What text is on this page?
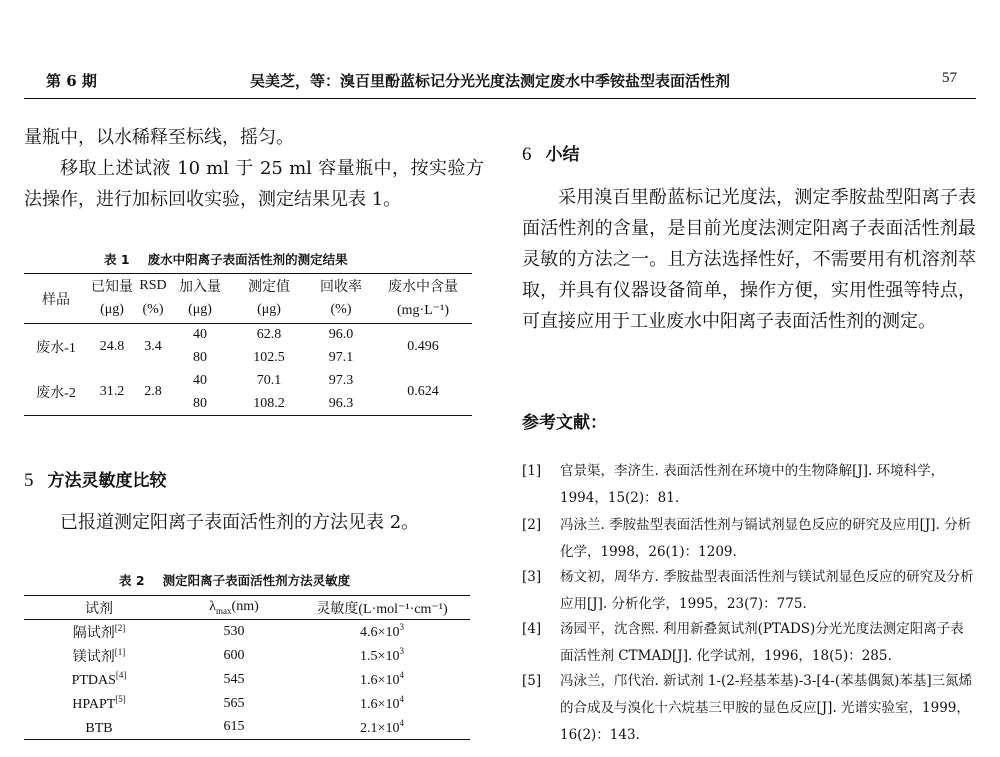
第 6 期	吴美芝，等：溴百里酚蓝标记分光光度法测定废水中季铵盐型表面活性剂	57

量瓶中，以水稀释至标线，摇匀。

移取上述试液 10 ml 于 25 ml 容量瓶中，按实验方法操作，进行加标回收实验，测定结果见表 1。

表 1 废水中阳离子表面活性剂的测定结果
样品	已知量	RSD	加入量	测定值	回收率	废水中含量
	(μg)	(%)	(μg)	(μg)	(%)	(mg·L⁻¹)
废水-1	24.8	3.4	40	62.8	96.0	0.496
			80	102.5	97.1	
废水-2	31.2	2.8	40	70.1	97.3	0.624
			80	108.2	96.3	

5 方法灵敏度比较

已报道测定阳离子表面活性剂的方法见表 2。

表 2 测定阳离子表面活性剂方法灵敏度
试剂	$\lambda_{max}(nm)$	灵敏度(L·mol⁻¹·cm⁻¹)
隔试剂[2]	530	$4.6\times 10^3$
镁试剂[1]	600	$1.5\times 10^3$
PTDAS[4]	545	$1.6\times 10^4$
HPAPT[5]	565	$1.6\times 10^4$
BTB	615	$2.1\times 10^4$

6 小结

采用溴百里酚蓝标记光度法，测定季胺盐型阳离子表面活性剂的含量，是目前光度法测定阳离子表面活性剂最灵敏的方法之一。且方法选择性好，不需要用有机溶剂萃取，并具有仪器设备简单，操作方便，实用性强等特点，可直接应用于工业废水中阳离子表面活性剂的测定。

参考文献：

[1] 官景渠，李济生. 表面活性剂在环境中的生物降解[J]. 环境科学，1994，15(2)：81.
[2] 冯泳兰. 季胺盐型表面活性剂与镉试剂显色反应的研究及应用[J]. 分析化学，1998，26(1)：1209.
[3] 杨文初，周华方. 季胺盐型表面活性剂与镁试剂显色反应的研究及分析应用[J]. 分析化学，1995，23(7)：775.
[4] 汤园平，沈含熙. 利用新叠氮试剂(PTADS)分光光度法测定阳离子表面活性剂 CTMAD[J]. 化学试剂，1996，18(5)：285.
[5] 冯泳兰，邝代治. 新试剂 1-(2-羟基苯基)-3-[4-(苯基偶氮)苯基]三氮烯的合成及与溴化十六烷基三甲胺的显色反应[J]. 光谱实验室，1999，16(2)：143.
